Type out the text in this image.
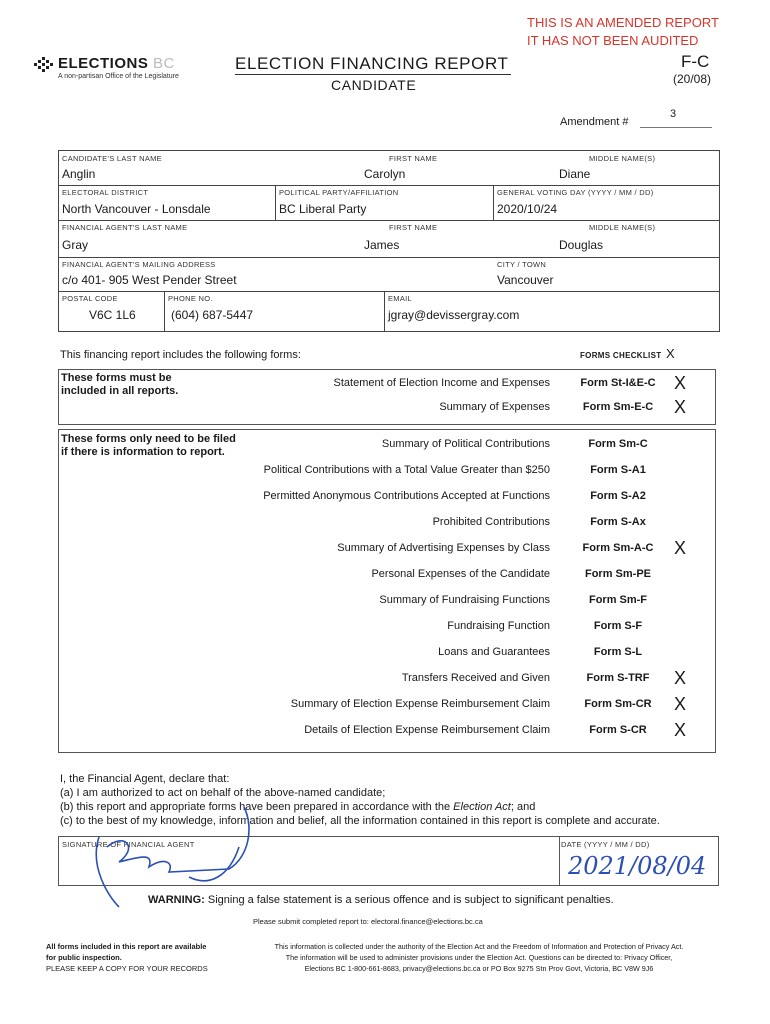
THIS IS AN AMENDED REPORT
IT HAS NOT BEEN AUDITED
ELECTIONS BC
A non-partisan Office of the Legislature
ELECTION FINANCING REPORT
CANDIDATE
F-C
(20/08)
Amendment #
3
CANDIDATE'S LAST NAME
Anglin
FIRST NAME
Carolyn
MIDDLE NAME(S)
Diane
ELECTORAL DISTRICT
North Vancouver - Lonsdale
POLITICAL PARTY/AFFILIATION
BC Liberal Party
GENERAL VOTING DAY (YYYY / MM / DD)
2020/10/24
FINANCIAL AGENT'S LAST NAME
Gray
FIRST NAME
James
MIDDLE NAME(S)
Douglas
FINANCIAL AGENT'S MAILING ADDRESS
c/o 401- 905 West Pender Street
CITY / TOWN
Vancouver
POSTAL CODE
V6C 1L6
PHONE NO.
(604) 687-5447
EMAIL
jgray@devissergray.com
This financing report includes the following forms:	FORMS CHECKLIST X
These forms must be
included in all reports.
These forms only need to be filed
if there is information to report.
Statement of Election Income and Expenses	Form St-I&E-C X
Summary of Expenses	Form Sm-E-C X
Summary of Political Contributions	Form Sm-C
Political Contributions with a Total Value Greater than $250	Form S-A1
Permitted Anonymous Contributions Accepted at Functions	Form S-A2
Prohibited Contributions	Form S-Ax
Summary of Advertising Expenses by Class	Form Sm-A-C X
Personal Expenses of the Candidate	Form Sm-PE
Summary of Fundraising Functions	Form Sm-F
Fundraising Function	Form S-F
Loans and Guarantees	Form S-L
Transfers Received and Given	Form S-TRF	X
Summary of Election Expense Reimbursement Claim	Form Sm-CR	X
Details of Election Expense Reimbursement Claim	Form S-CR	X
I, the Financial Agent, declare that:
(a) I am authorized to act on behalf of the above-named candidate;
(b) this report and appropriate forms have been prepared in accordance with the Election Act; and
(c) to the best of my knowledge, information and belief, all the information contained in this report is complete and accurate.
SIGNATURE OF FINANCIAL AGENT	DATE (YYYY / MM / DD)
2021/08/04
WARNING: Signing a false statement is a serious offence and is subject to significant penalties.
Please submit completed report to: electoral.finance@elections.bc.ca
All forms included in this report are available
for public inspection.
PLEASE KEEP A COPY FOR YOUR RECORDS
This information is collected under the authority of the Election Act and the Freedom of Information and Protection of Privacy Act.
The information will be used to administer provisions under the Election Act. Questions can be directed to: Privacy Officer,
Elections BC 1-800-661-8683, privacy@elections.bc.ca or PO Box 9275 Stn Prov Govt, Victoria, BC V8W 9J6
